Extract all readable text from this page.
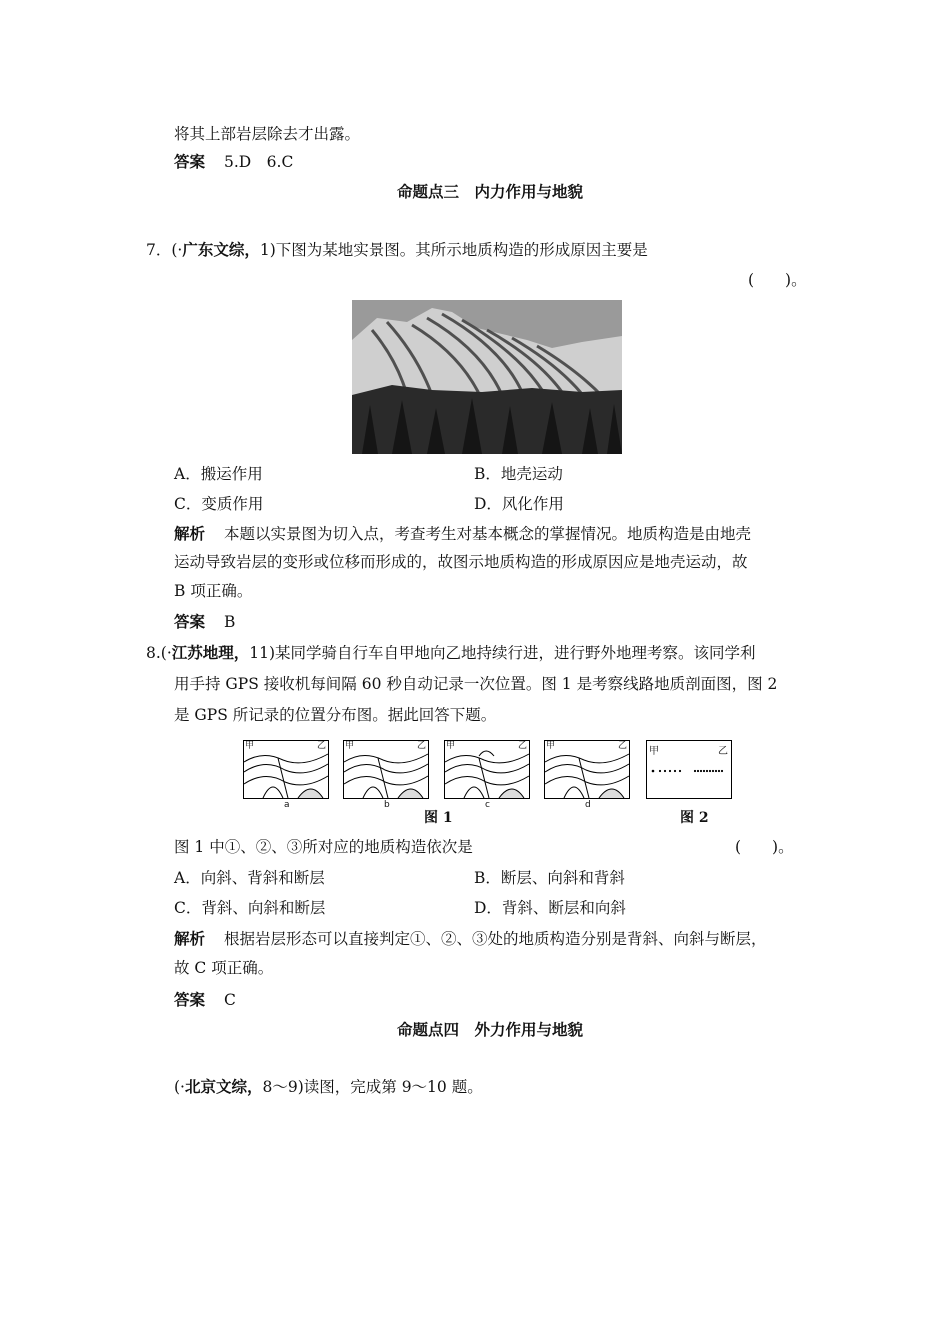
将其上部岩层除去才出露。
答案 5.D　6.C
命题点三　内力作用与地貌
7．(·广东文综，1)下图为某地实景图。其所示地质构造的形成原因主要是
(　　)。
A．搬运作用	B．地壳运动
C．变质作用	D．风化作用
解析 本题以实景图为切入点，考查考生对基本概念的掌握情况。地质构造是由地壳
运动导致岩层的变形或位移而形成的，故图示地质构造的形成原因应是地壳运动，故
B 项正确。
答案 B
8.(·江苏地理，11)某同学骑自行车自甲地向乙地持续行进，进行野外地理考察。该同学利
用手持 GPS 接收机每间隔 60 秒自动记录一次位置。图 1 是考察线路地质剖面图，图 2
是 GPS 所记录的位置分布图。据此回答下题。
甲	乙
a
甲	乙
b
甲	乙
c
甲	乙
d
甲	乙
图 1	图 2
图 1 中①、②、③所对应的地质构造依次是	(　　)。
A．向斜、背斜和断层	B．断层、向斜和背斜
C．背斜、向斜和断层	D．背斜、断层和向斜
解析 根据岩层形态可以直接判定①、②、③处的地质构造分别是背斜、向斜与断层，
故 C 项正确。
答案 C
命题点四　外力作用与地貌
(·北京文综，8～9)读图，完成第 9～10 题。
